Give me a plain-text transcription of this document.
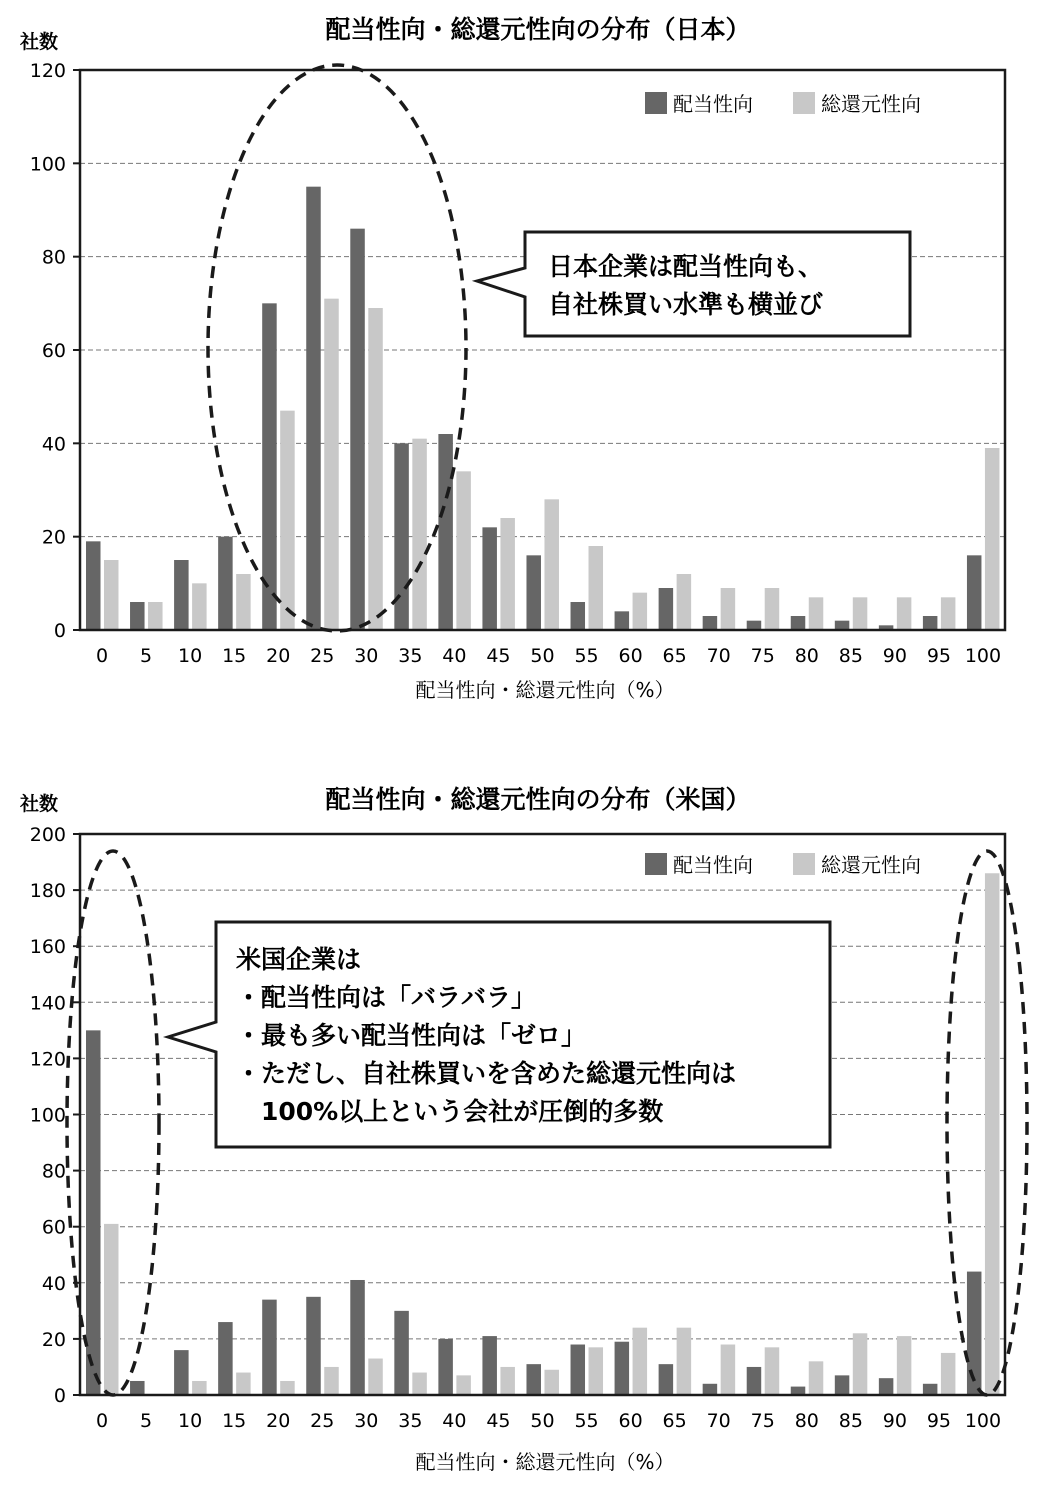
配当性向・総還元性向の分布（日本）
社数
0
20
40
60
80
100
120
0 5 10 15 20 25 30 35 40 45 50 55 60 65 70 75 80 85 90 95 100
配当性向・総還元性向（%）
配当性向	総還元性向
日本企業は配当性向も、
自社株買い水準も横並び
配当性向・総還元性向の分布（米国）
社数
0
20
40
60
80
100
120
140
160
180
200
0 5 10 15 20 25 30 35 40 45 50 55 60 65 70 75 80 85 90 95 100
配当性向・総還元性向（%）
配当性向	総還元性向
米国企業は
・配当性向は「バラバラ」
・最も多い配当性向は「ゼロ」
・ただし、自社株買いを含めた総還元性向は
　100%以上という会社が圧倒的多数
